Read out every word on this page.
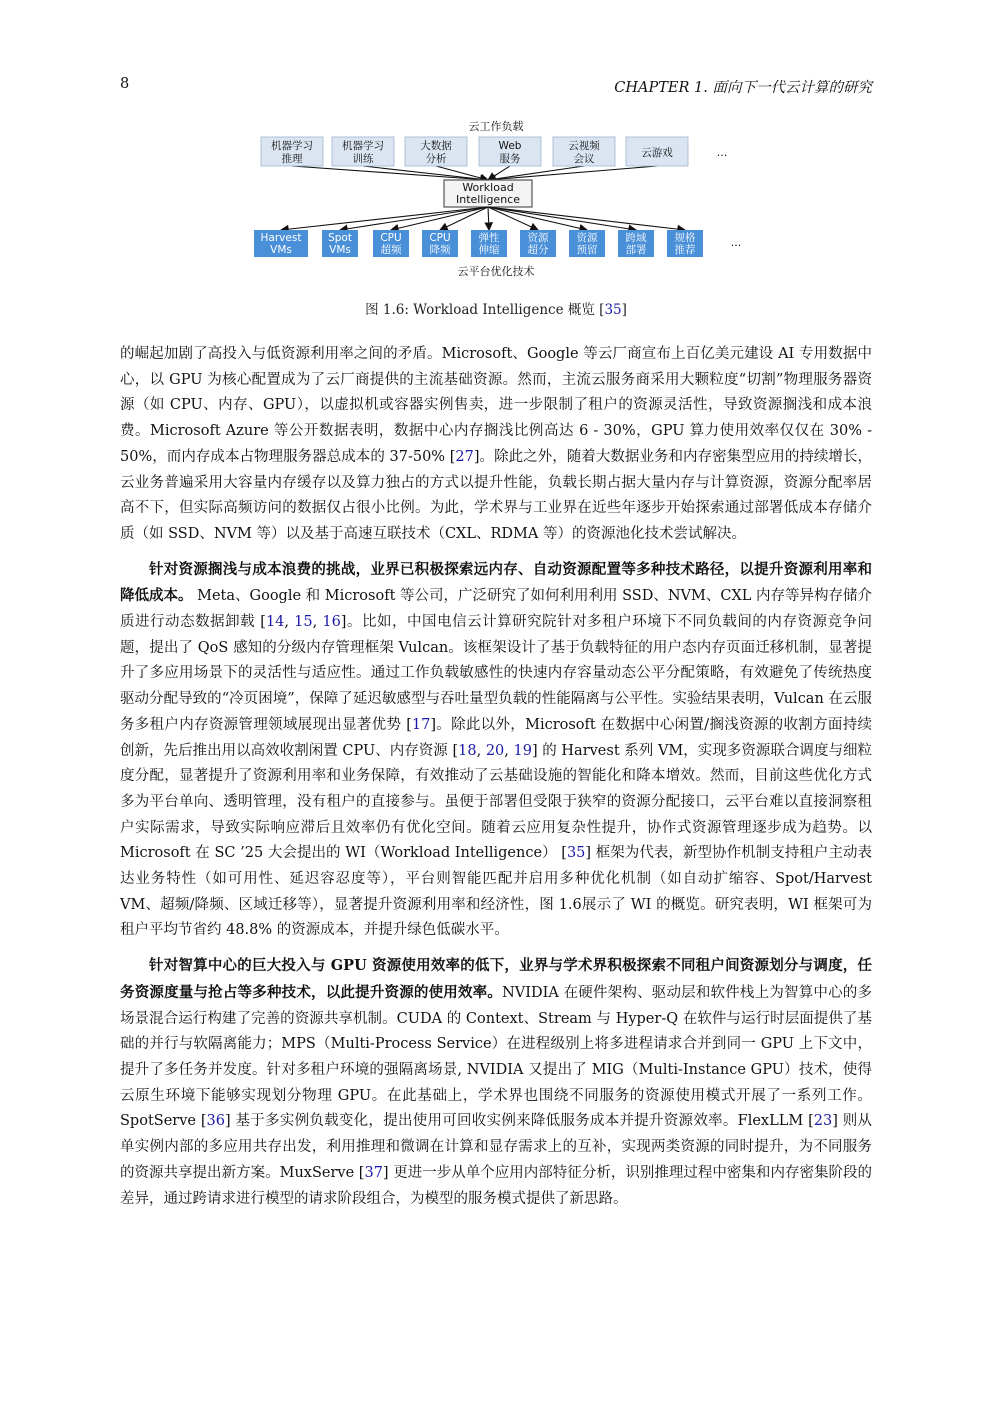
8	CHAPTER 1. 面向下一代云计算的研究
云工作负载
机器学习
推理
机器学习
训练
大数据
分析
Web
服务
云视频
会议	云游戏	...
Workload
Intelligence
Harvest
VMs
Spot
VMs
CPU
超频
CPU
降频
弹性
伸缩
资源
超分
资源
预留
跨域
部署
规格
推荐
...
云平台优化技术
图 1.6: Workload Intelligence 概览 [35]

的崛起加剧了高投入与低资源利用率之间的矛盾。Microsoft、Google 等云厂商宣布上百亿美元建设 AI 专用数据中心，以 GPU 为核心配置成为了云厂商提供的主流基础资源。然而，主流云服务商采用大颗粒度“切割”物理服务器资源（如 CPU、内存、GPU），以虚拟机或容器实例售卖，进一步限制了租户的资源灵活性，导致资源搁浅和成本浪费。Microsoft Azure 等公开数据表明，数据中心内存搁浅比例高达 6 - 30%，GPU 算力使用效率仅仅在 30% - 50%，而内存成本占物理服务器总成本的 37-50% [27]。除此之外，随着大数据业务和内存密集型应用的持续增长，云业务普遍采用大容量内存缓存以及算力独占的方式以提升性能，负载长期占据大量内存与计算资源，资源分配率居高不下，但实际高频访问的数据仅占很小比例。为此，学术界与工业界在近些年逐步开始探索通过部署低成本存储介质（如 SSD、NVM 等）以及基于高速互联技术（CXL、RDMA 等）的资源池化技术尝试解决。

针对资源搁浅与成本浪费的挑战，业界已积极探索远内存、自动资源配置等多种技术路径，以提升资源利用率和降低成本。 Meta、Google 和 Microsoft 等公司，广泛研究了如何利用利用 SSD、NVM、CXL 内存等异构存储介质进行动态数据卸载 [14, 15, 16]。比如，中国电信云计算研究院针对多租户环境下不同负载间的内存资源竞争问题，提出了 QoS 感知的分级内存管理框架 Vulcan。该框架设计了基于负载特征的用户态内存页面迁移机制，显著提升了多应用场景下的灵活性与适应性。通过工作负载敏感性的快速内存容量动态公平分配策略，有效避免了传统热度驱动分配导致的“冷页困境”，保障了延迟敏感型与吞吐量型负载的性能隔离与公平性。实验结果表明，Vulcan 在云服务多租户内存资源管理领域展现出显著优势 [17]。除此以外，Microsoft 在数据中心闲置/搁浅资源的收割方面持续创新，先后推出用以高效收割闲置 CPU、内存资源 [18, 20, 19] 的 Harvest 系列 VM，实现多资源联合调度与细粒度分配，显著提升了资源利用率和业务保障，有效推动了云基础设施的智能化和降本增效。然而，目前这些优化方式多为平台单向、透明管理，没有租户的直接参与。虽便于部署但受限于狭窄的资源分配接口，云平台难以直接洞察租户实际需求，导致实际响应滞后且效率仍有优化空间。随着云应用复杂性提升，协作式资源管理逐步成为趋势。以 Microsoft 在 SC ’25 大会提出的 WI（Workload Intelligence） [35] 框架为代表，新型协作机制支持租户主动表达业务特性（如可用性、延迟容忍度等），平台则智能匹配并启用多种优化机制（如自动扩缩容、Spot/Harvest VM、超频/降频、区域迁移等），显著提升资源利用率和经济性，图 1.6展示了 WI 的概览。研究表明，WI 框架可为租户平均节省约 48.8% 的资源成本，并提升绿色低碳水平。

针对智算中心的巨大投入与 GPU 资源使用效率的低下，业界与学术界积极探索不同租户间资源划分与调度，任务资源度量与抢占等多种技术，以此提升资源的使用效率。NVIDIA 在硬件架构、驱动层和软件栈上为智算中心的多场景混合运行构建了完善的资源共享机制。CUDA 的 Context、Stream 与 Hyper-Q 在软件与运行时层面提供了基础的并行与软隔离能力；MPS（Multi-Process Service）在进程级别上将多进程请求合并到同一 GPU 上下文中，提升了多任务并发度。针对多租户环境的强隔离场景, NVIDIA 又提出了 MIG（Multi-Instance GPU）技术，使得云原生环境下能够实现划分物理 GPU。在此基础上，学术界也围绕不同服务的资源使用模式开展了一系列工作。SpotServe [36] 基于多实例负载变化，提出使用可回收实例来降低服务成本并提升资源效率。FlexLLM [23] 则从单实例内部的多应用共存出发，利用推理和微调在计算和显存需求上的互补，实现两类资源的同时提升，为不同服务的资源共享提出新方案。MuxServe [37] 更进一步从单个应用内部特征分析，识别推理过程中密集和内存密集阶段的差异，通过跨请求进行模型的请求阶段组合，为模型的服务模式提供了新思路。
